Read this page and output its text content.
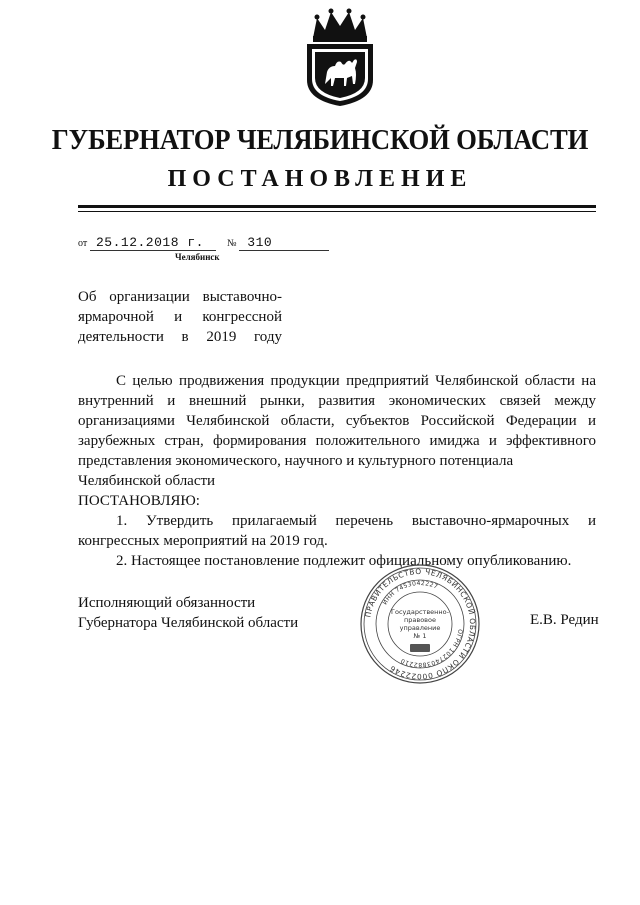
ГУБЕРНАТОР ЧЕЛЯБИНСКОЙ ОБЛАСТИ
ПОСТАНОВЛЕНИЕ
от 25.12.2018 г. № 310
Челябинск
Об организации выставочно-ярмарочной и конгрессной деятельности в 2019 году

С целью продвижения продукции предприятий Челябинской области на внутренний и внешний рынки, развития экономических связей между организациями Челябинской области, субъектов Российской Федерации и зарубежных стран, формирования положительного имиджа и эффективного представления экономического, научного и культурного потенциала

Челябинской области

ПОСТАНОВЛЯЮ:

1. Утвердить прилагаемый перечень выставочно-ярмарочных и конгрессных мероприятий на 2019 год.

2. Настоящее постановление подлежит официальному опубликованию.

Исполняющий обязанности
Губернатора Челябинской области	Е.В. Редин
ПРАВИТЕЛЬСТВО ЧЕЛЯБИНСКОЙ ОБЛАСТИ ОКПО 00022246
ОГРН 1027403882210
ИНН 7453042227
Государственно-
правовое
управление
№ 1
